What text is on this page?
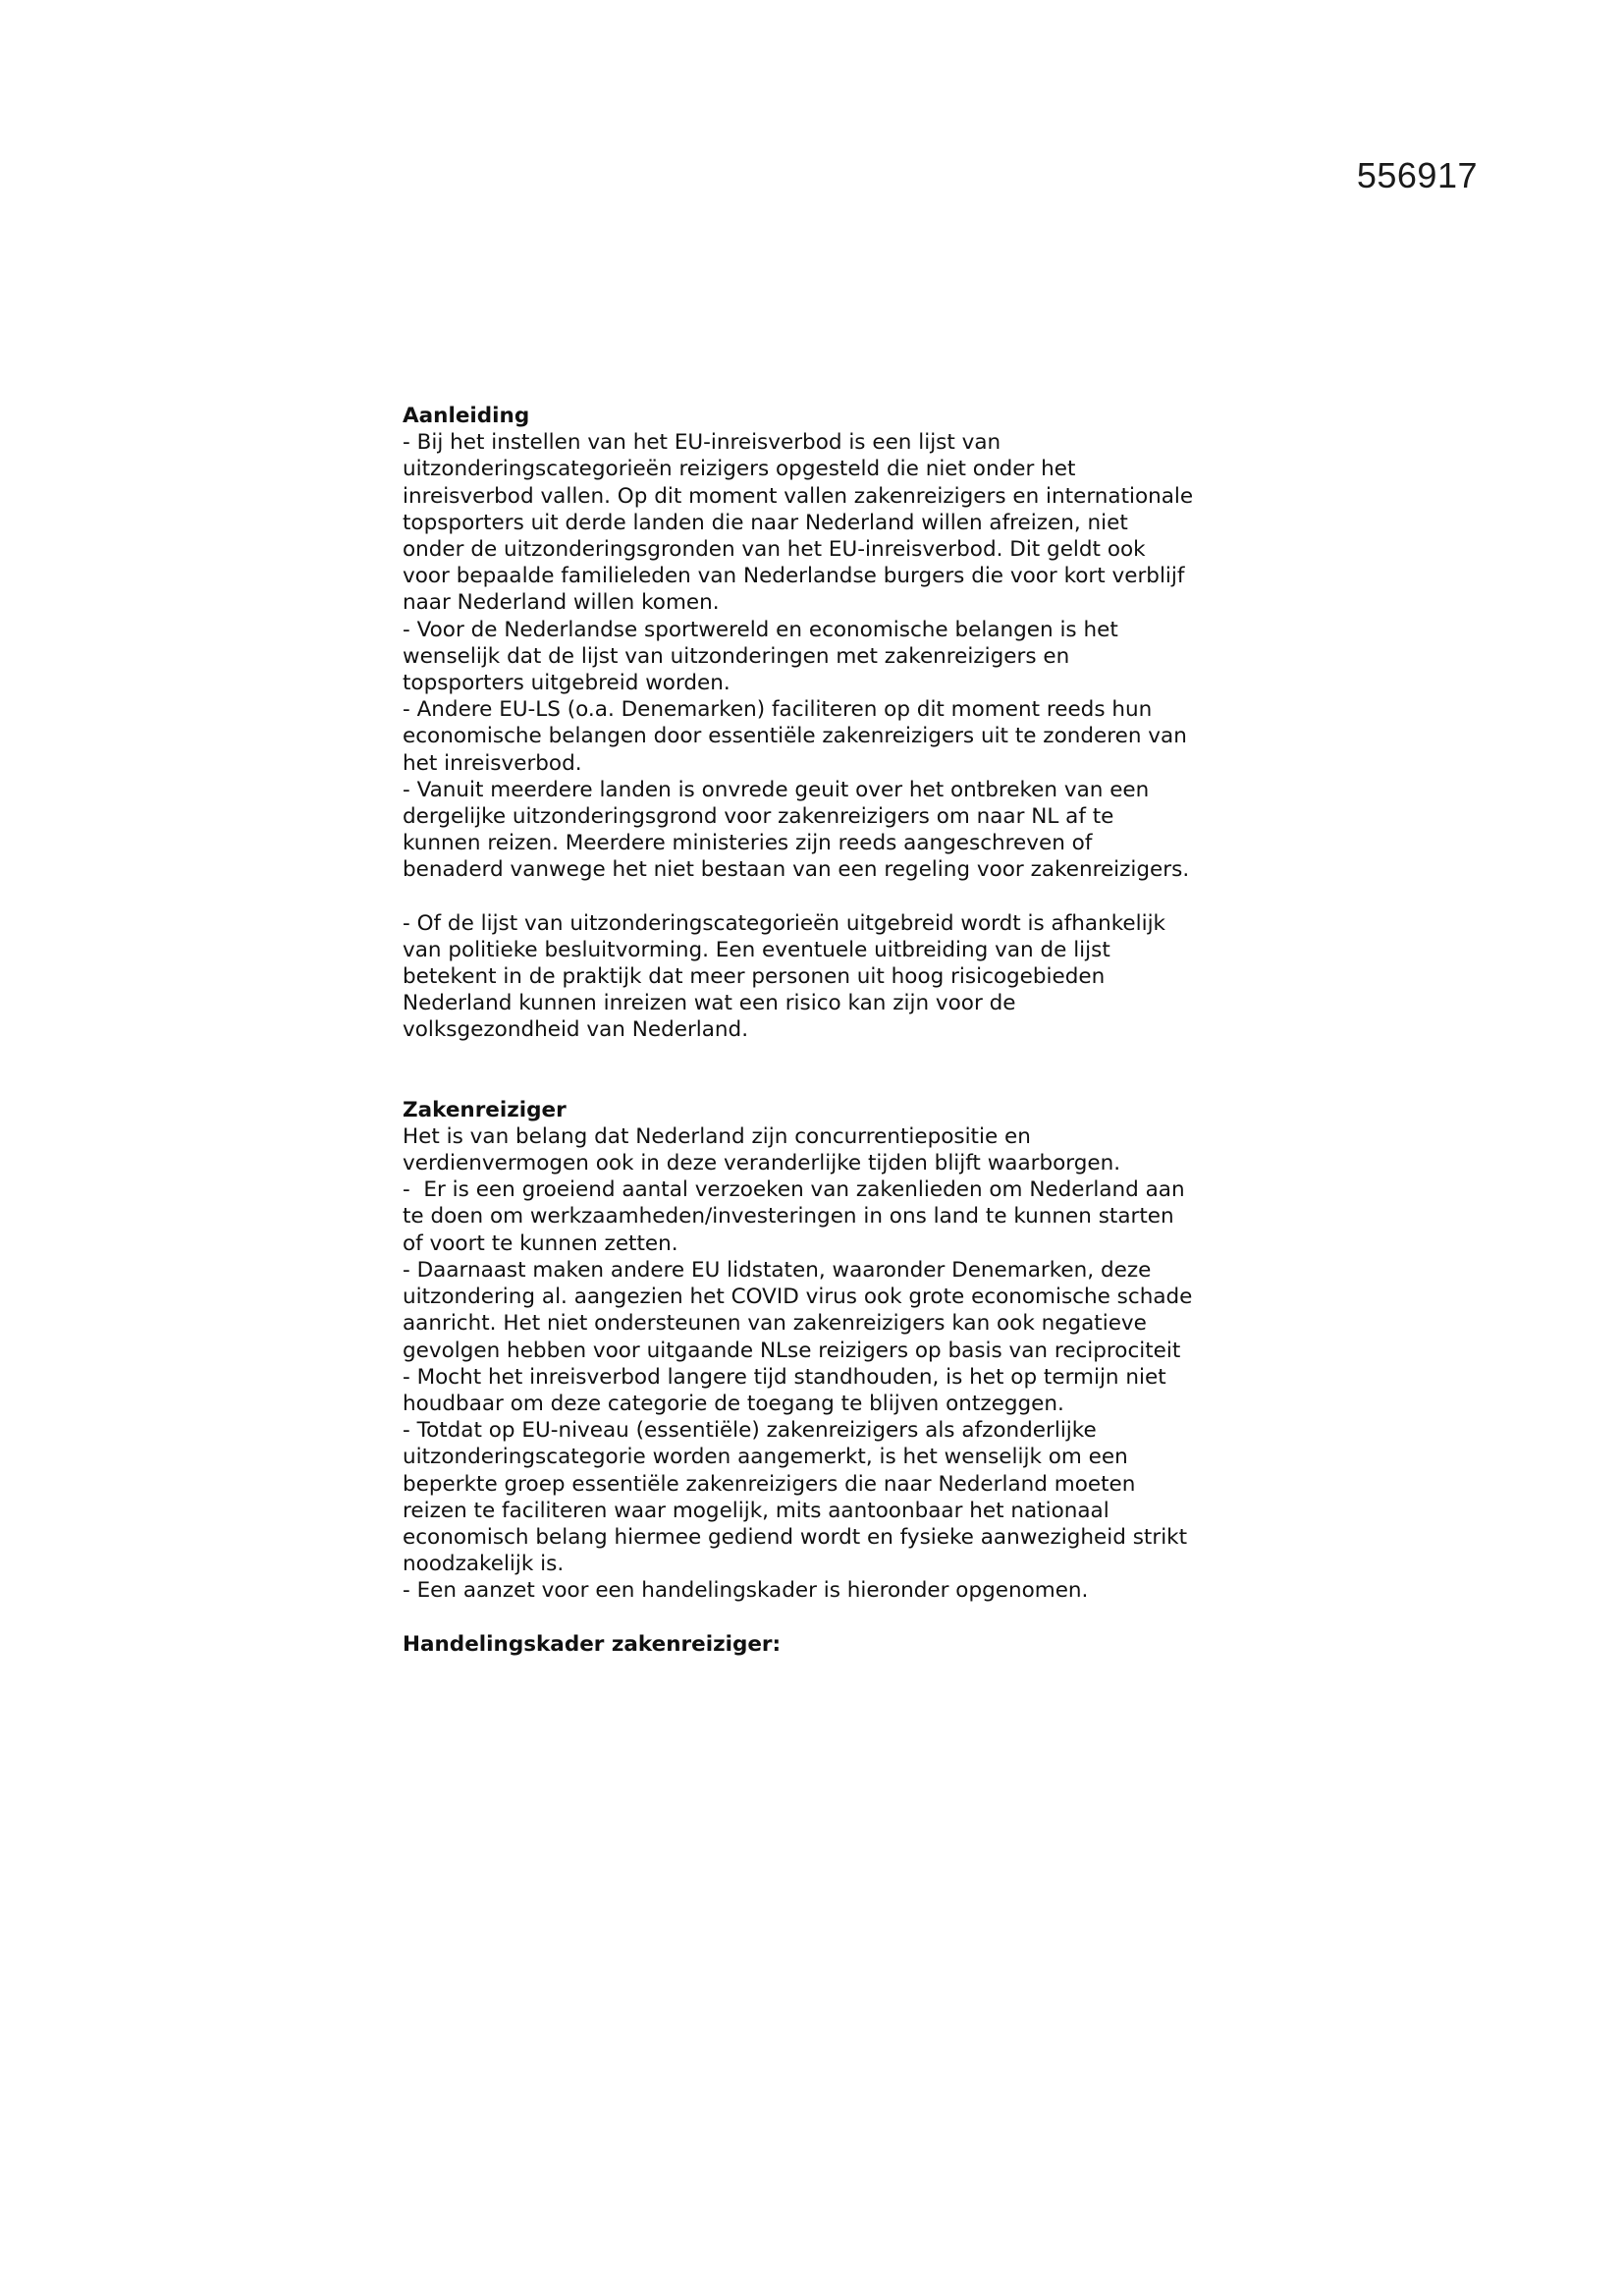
556917
Aanleiding
- Bij het instellen van het EU-inreisverbod is een lijst van
uitzonderingscategorieën reizigers opgesteld die niet onder het
inreisverbod vallen. Op dit moment vallen zakenreizigers en internationale
topsporters uit derde landen die naar Nederland willen afreizen, niet
onder de uitzonderingsgronden van het EU-inreisverbod. Dit geldt ook
voor bepaalde familieleden van Nederlandse burgers die voor kort verblijf
naar Nederland willen komen.
- Voor de Nederlandse sportwereld en economische belangen is het
wenselijk dat de lijst van uitzonderingen met zakenreizigers en
topsporters uitgebreid worden.
- Andere EU-LS (o.a. Denemarken) faciliteren op dit moment reeds hun
economische belangen door essentiële zakenreizigers uit te zonderen van
het inreisverbod.
- Vanuit meerdere landen is onvrede geuit over het ontbreken van een
dergelijke uitzonderingsgrond voor zakenreizigers om naar NL af te
kunnen reizen. Meerdere ministeries zijn reeds aangeschreven of
benaderd vanwege het niet bestaan van een regeling voor zakenreizigers.
- Of de lijst van uitzonderingscategorieën uitgebreid wordt is afhankelijk
van politieke besluitvorming. Een eventuele uitbreiding van de lijst
betekent in de praktijk dat meer personen uit hoog risicogebieden
Nederland kunnen inreizen wat een risico kan zijn voor de
volksgezondheid van Nederland.
Zakenreiziger
Het is van belang dat Nederland zijn concurrentiepositie en
verdienvermogen ook in deze veranderlijke tijden blijft waarborgen.
-  Er is een groeiend aantal verzoeken van zakenlieden om Nederland aan
te doen om werkzaamheden/investeringen in ons land te kunnen starten
of voort te kunnen zetten.
- Daarnaast maken andere EU lidstaten, waaronder Denemarken, deze
uitzondering al. aangezien het COVID virus ook grote economische schade
aanricht. Het niet ondersteunen van zakenreizigers kan ook negatieve
gevolgen hebben voor uitgaande NLse reizigers op basis van reciprociteit
- Mocht het inreisverbod langere tijd standhouden, is het op termijn niet
houdbaar om deze categorie de toegang te blijven ontzeggen.
- Totdat op EU-niveau (essentiële) zakenreizigers als afzonderlijke
uitzonderingscategorie worden aangemerkt, is het wenselijk om een
beperkte groep essentiële zakenreizigers die naar Nederland moeten
reizen te faciliteren waar mogelijk, mits aantoonbaar het nationaal
economisch belang hiermee gediend wordt en fysieke aanwezigheid strikt
noodzakelijk is.
- Een aanzet voor een handelingskader is hieronder opgenomen.
Handelingskader zakenreiziger:
